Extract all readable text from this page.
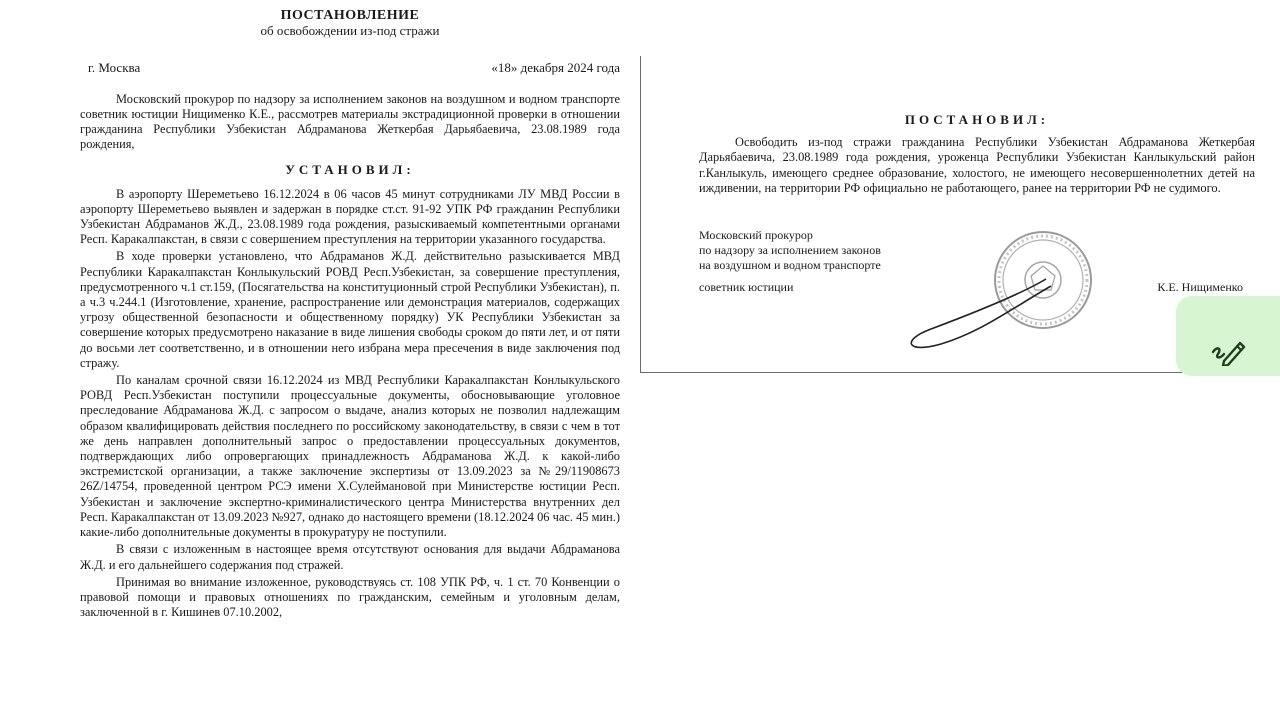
ПОСТАНОВЛЕНИЕ
об освобождении из-под стражи
г. Москва	«18» декабря 2024 года

Московский прокурор по надзору за исполнением законов на воздушном и водном транспорте советник юстиции Нищименко К.Е., рассмотрев материалы экстрадиционной проверки в отношении гражданина Республики Узбекистан Абдраманова Жеткербая Дарьябаевича, 23.08.1989 года рождения,

УСТАНОВИЛ:

В аэропорту Шереметьево 16.12.2024 в 06 часов 45 минут сотрудниками ЛУ МВД России в аэропорту Шереметьево выявлен и задержан в порядке ст.ст. 91-92 УПК РФ гражданин Республики Узбекистан Абдраманов Ж.Д., 23.08.1989 года рождения, разыскиваемый компетентными органами Респ. Каракалпакстан, в связи с совершением преступления на территории указанного государства.

В ходе проверки установлено, что Абдраманов Ж.Д. действительно разыскивается МВД Республики Каракалпакстан Конлыкульский РОВД Респ.Узбекистан, за совершение преступления, предусмотренного ч.1 ст.159, (Посягательства на конституционный строй Республики Узбекистан), п. а ч.3 ч.244.1 (Изготовление, хранение, распространение или демонстрация материалов, содержащих угрозу общественной безопасности и общественному порядку) УК Республики Узбекистан за совершение которых предусмотрено наказание в виде лишения свободы сроком до пяти лет, и от пяти до восьми лет соответственно, и в отношении него избрана мера пресечения в виде заключения под стражу.

По каналам срочной связи 16.12.2024 из МВД Республики Каракалпакстан Конлыкульского РОВД Респ.Узбекистан поступили процессуальные документы, обосновывающие уголовное преследование Абдраманова Ж.Д. с запросом о выдаче, анализ которых не позволил надлежащим образом квалифицировать действия последнего по российскому законодательству, в связи с чем в тот же день направлен дополнительный запрос о предоставлении процессуальных документов, подтверждающих либо опровергающих принадлежность Абдраманова Ж.Д. к какой-либо экстремистской организации, а также заключение экспертизы от 13.09.2023 за №29/11908673 26Z/14754, проведенной центром РСЭ имени Х.Сулеймановой при Министерстве юстиции Респ. Узбекистан и заключение экспертно-криминалистического центра Министерства внутренних дел Респ. Каракалпакстан от 13.09.2023 №927, однако до настоящего времени (18.12.2024 06 час. 45 мин.) какие-либо дополнительные документы в прокуратуру не поступили.

В связи с изложенным в настоящее время отсутствуют основания для выдачи Абдраманова Ж.Д. и его дальнейшего содержания под стражей.

Принимая во внимание изложенное, руководствуясь ст. 108 УПК РФ, ч. 1 ст. 70 Конвенции о правовой помощи и правовых отношениях по гражданским, семейным и уголовным делам, заключенной в г. Кишинев 07.10.2002,

ПОСТАНОВИЛ:

Освободить из-под стражи гражданина Республики Узбекистан Абдраманова Жеткербая Дарьябаевича, 23.08.1989 года рождения, уроженца Республики Узбекистан Канлыкульский район г.Канлыкуль, имеющего среднее образование, холостого, не имеющего несовершеннолетних детей на иждивении, на территории РФ официально не работающего, ранее на территории РФ не судимого.

Московский прокурор
по надзору за исполнением законов
на воздушном и водном транспорте
советник юстиции	К.Е. Нищименко
